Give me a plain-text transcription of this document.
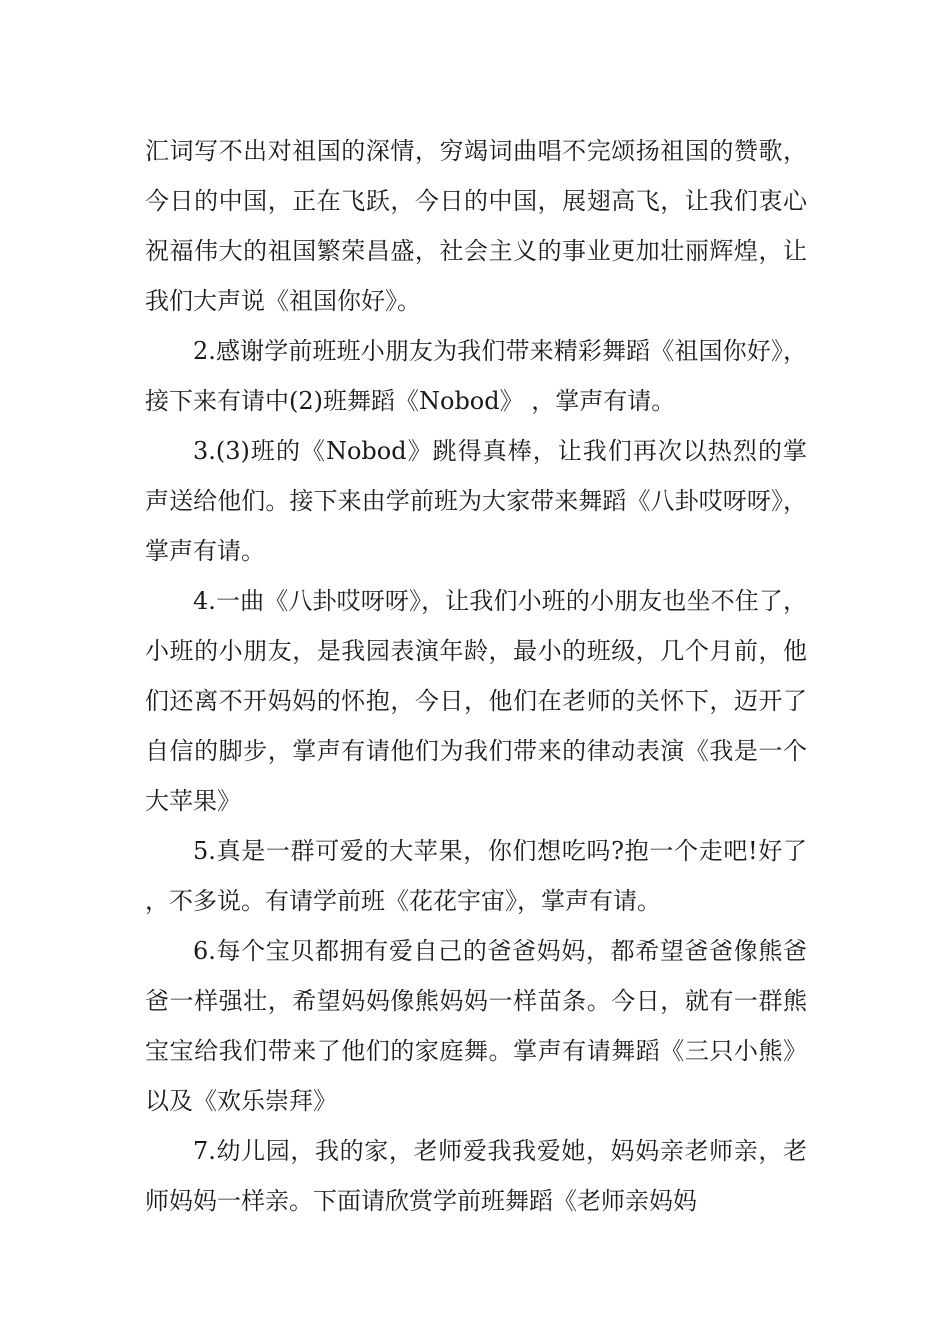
汇词写不出对祖国的深情，穷竭词曲唱不完颂扬祖国的赞歌，今日的中国，正在飞跃，今日的中国，展翅高飞，让我们衷心祝福伟大的祖国繁荣昌盛，社会主义的事业更加壮丽辉煌，让我们大声说《祖国你好》。

2.感谢学前班班小朋友为我们带来精彩舞蹈《祖国你好》，接下来有请中(2)班舞蹈《Nobod》 ，掌声有请。

3.(3)班的《Nobod》跳得真棒，让我们再次以热烈的掌声送给他们。接下来由学前班为大家带来舞蹈《八卦哎呀呀》，掌声有请。

4.一曲《八卦哎呀呀》，让我们小班的小朋友也坐不住了，小班的小朋友，是我园表演年龄，最小的班级，几个月前，他们还离不开妈妈的怀抱，今日，他们在老师的关怀下，迈开了自信的脚步，掌声有请他们为我们带来的律动表演《我是一个大苹果》

5.真是一群可爱的大苹果，你们想吃吗?抱一个走吧!好了，不多说。有请学前班《花花宇宙》，掌声有请。

6.每个宝贝都拥有爱自己的爸爸妈妈，都希望爸爸像熊爸爸一样强壮，希望妈妈像熊妈妈一样苗条。今日，就有一群熊宝宝给我们带来了他们的家庭舞。掌声有请舞蹈《三只小熊》以及《欢乐崇拜》

7.幼儿园，我的家，老师爱我我爱她，妈妈亲老师亲，老师妈妈一样亲。下面请欣赏学前班舞蹈《老师亲妈妈
